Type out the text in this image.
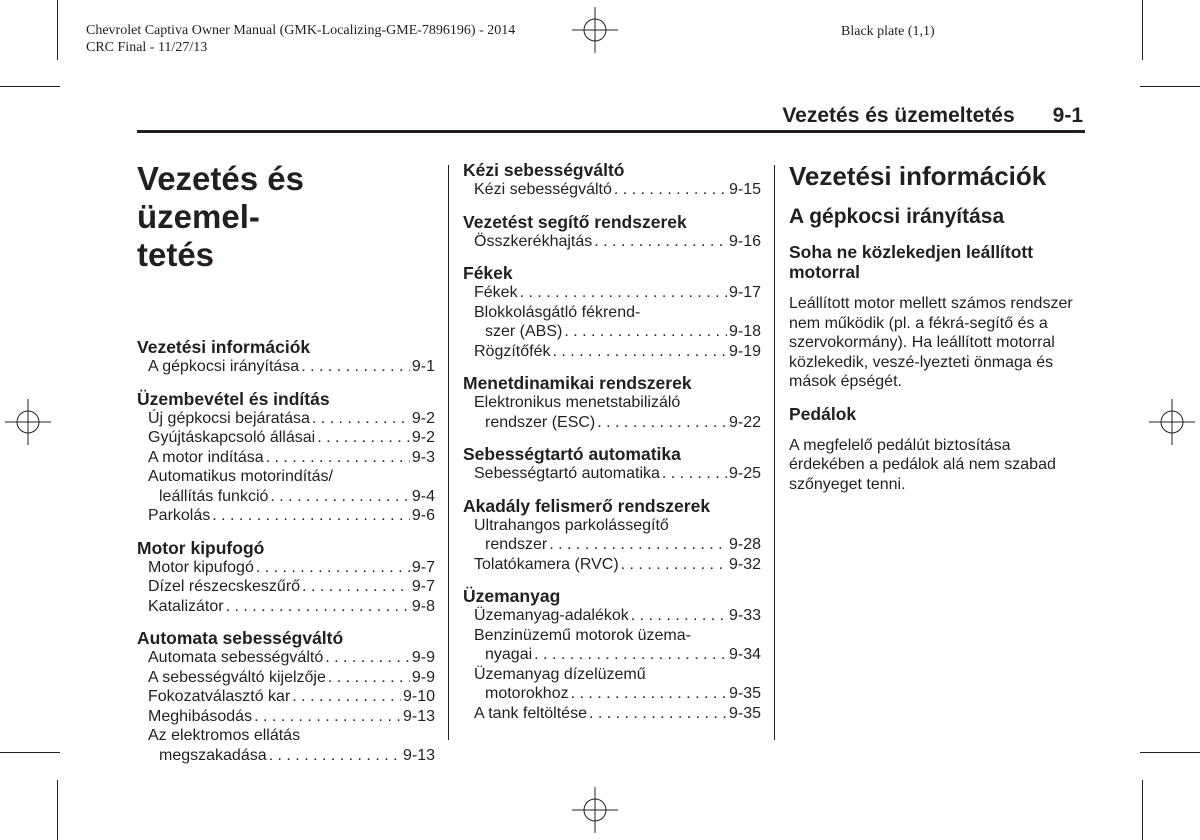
Chevrolet Captiva Owner Manual (GMK-Localizing-GME-7896196) - 2014
CRC Final - 11/27/13
Black plate (1,1)
Vezetés és üzemeltetés 9-1
Vezetés és üzemel-
tetés
Vezetési információk
A gépkocsi irányítása . . .	9-1
Üzembevétel és indítás
Új gépkocsi bejáratása . . .	9-2
Gyújtáskapcsoló állásai . . .	9-2
A motor indítása . . .	9-3
Automatikus motorindítás/
leállítás funkció . . .	9-4
Parkolás . . .	9-6
Motor kipufogó
Motor kipufogó . . .	9-7
Dízel részecskeszűrő . . .	9-7
Katalizátor . . .	9-8
Automata sebességváltó
Automata sebességváltó . . .	9-9
A sebességváltó kijelzője . . .	9-9
Fokozatválasztó kar . . .	9-10
Meghibásodás . . .	9-13
Az elektromos ellátás
megszakadása . . .	9-13
Kézi sebességváltó
Kézi sebességváltó . . .	9-15
Vezetést segítő rendszerek
Összkerékhajtás . . .	9-16
Fékek
Fékek . . .	9-17
Blokkolásgátló fékrend-
szer (ABS) . . .	9-18
Rögzítőfék . . .	9-19
Menetdinamikai rendszerek
Elektronikus menetstabilizáló
rendszer (ESC) . . .	9-22
Sebességtartó automatika
Sebességtartó automatika . . .	9-25
Akadály felismerő rendszerek
Ultrahangos parkolássegítő
rendszer . . .	9-28
Tolatókamera (RVC) . . .	9-32
Üzemanyag
Üzemanyag-adalékok . . .	9-33
Benzinüzemű motorok üzema-
nyagai . . .	9-34
Üzemanyag dízelüzemű
motorokhoz . . .	9-35
A tank feltöltése . . .	9-35
Vezetési információk
A gépkocsi irányítása
Soha ne közlekedjen leállított motorral
Leállított motor mellett számos rendszer nem működik (pl. a fékrá-segítő és a szervokormány). Ha leállított motorral közlekedik, veszé-lyezteti önmaga és mások épségét.
Pedálok
A megfelelő pedálút biztosítása érdekében a pedálok alá nem szabad szőnyeget tenni.
